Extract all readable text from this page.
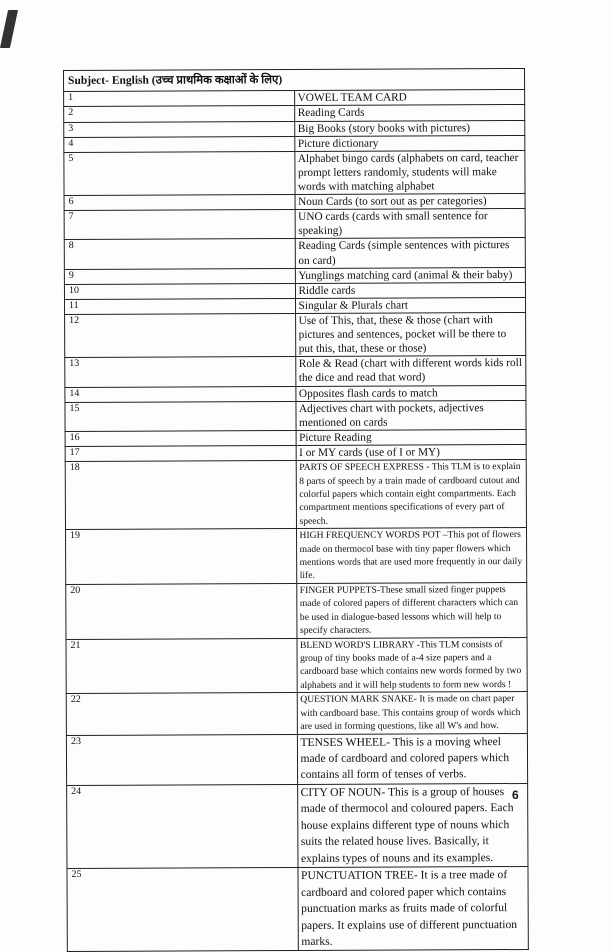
Subject- English (उच्च प्राथमिक कक्षाओं के लिए)	
1	VOWEL TEAM CARD
2	Reading Cards
3	Big Books (story books with pictures)
4	Picture dictionary
5	Alphabet bingo cards (alphabets on card, teacher prompt letters randomly, students will make words with matching alphabet
6	Noun Cards (to sort out as per categories)
7	UNO cards (cards with small sentence for speaking)
8	Reading Cards (simple sentences with pictures on card)
9	Yunglings matching card (animal & their baby)
10	Riddle cards
11	Singular & Plurals chart
12	Use of This, that, these & those (chart with pictures and sentences, pocket will be there to put this, that, these or those)
13	Role & Read (chart with different words kids roll the dice and read that word)
14	Opposites flash cards to match
15	Adjectives chart with pockets, adjectives mentioned on cards
16	Picture Reading
17	I or MY cards (use of I or MY)
18	PARTS OF SPEECH EXPRESS - This TLM is to explain 8 parts of speech by a train made of cardboard cutout and colorful papers which contain eight compartments. Each compartment mentions specifications of every part of speech.
19	HIGH FREQUENCY WORDS POT –This pot of flowers made on thermocol base with tiny paper flowers which mentions words that are used more frequently in our daily life.
20	FINGER PUPPETS-These small sized finger puppets made of colored papers of different characters which can be used in dialogue-based lessons which will help to specify characters.
21	BLEND WORD'S LIBRARY -This TLM consists of group of tiny books made of a-4 size papers and a cardboard base which contains new words formed by two alphabets and it will help students to form new words !
22	QUESTION MARK SNAKE- It is made on chart paper with cardboard base. This contains group of words which are used in forming questions, like all W's and how.
23	TENSES WHEEL- This is a moving wheel made of cardboard and colored papers which contains all form of tenses of verbs.
24	CITY OF NOUN- This is a group of houses made of thermocol and coloured papers. Each house explains different type of nouns which suits the related house lives. Basically, it explains types of nouns and its examples.
25	PUNCTUATION TREE- It is a tree made of cardboard and colored paper which contains punctuation marks as fruits made of colorful papers. It explains use of different punctuation marks.
6
